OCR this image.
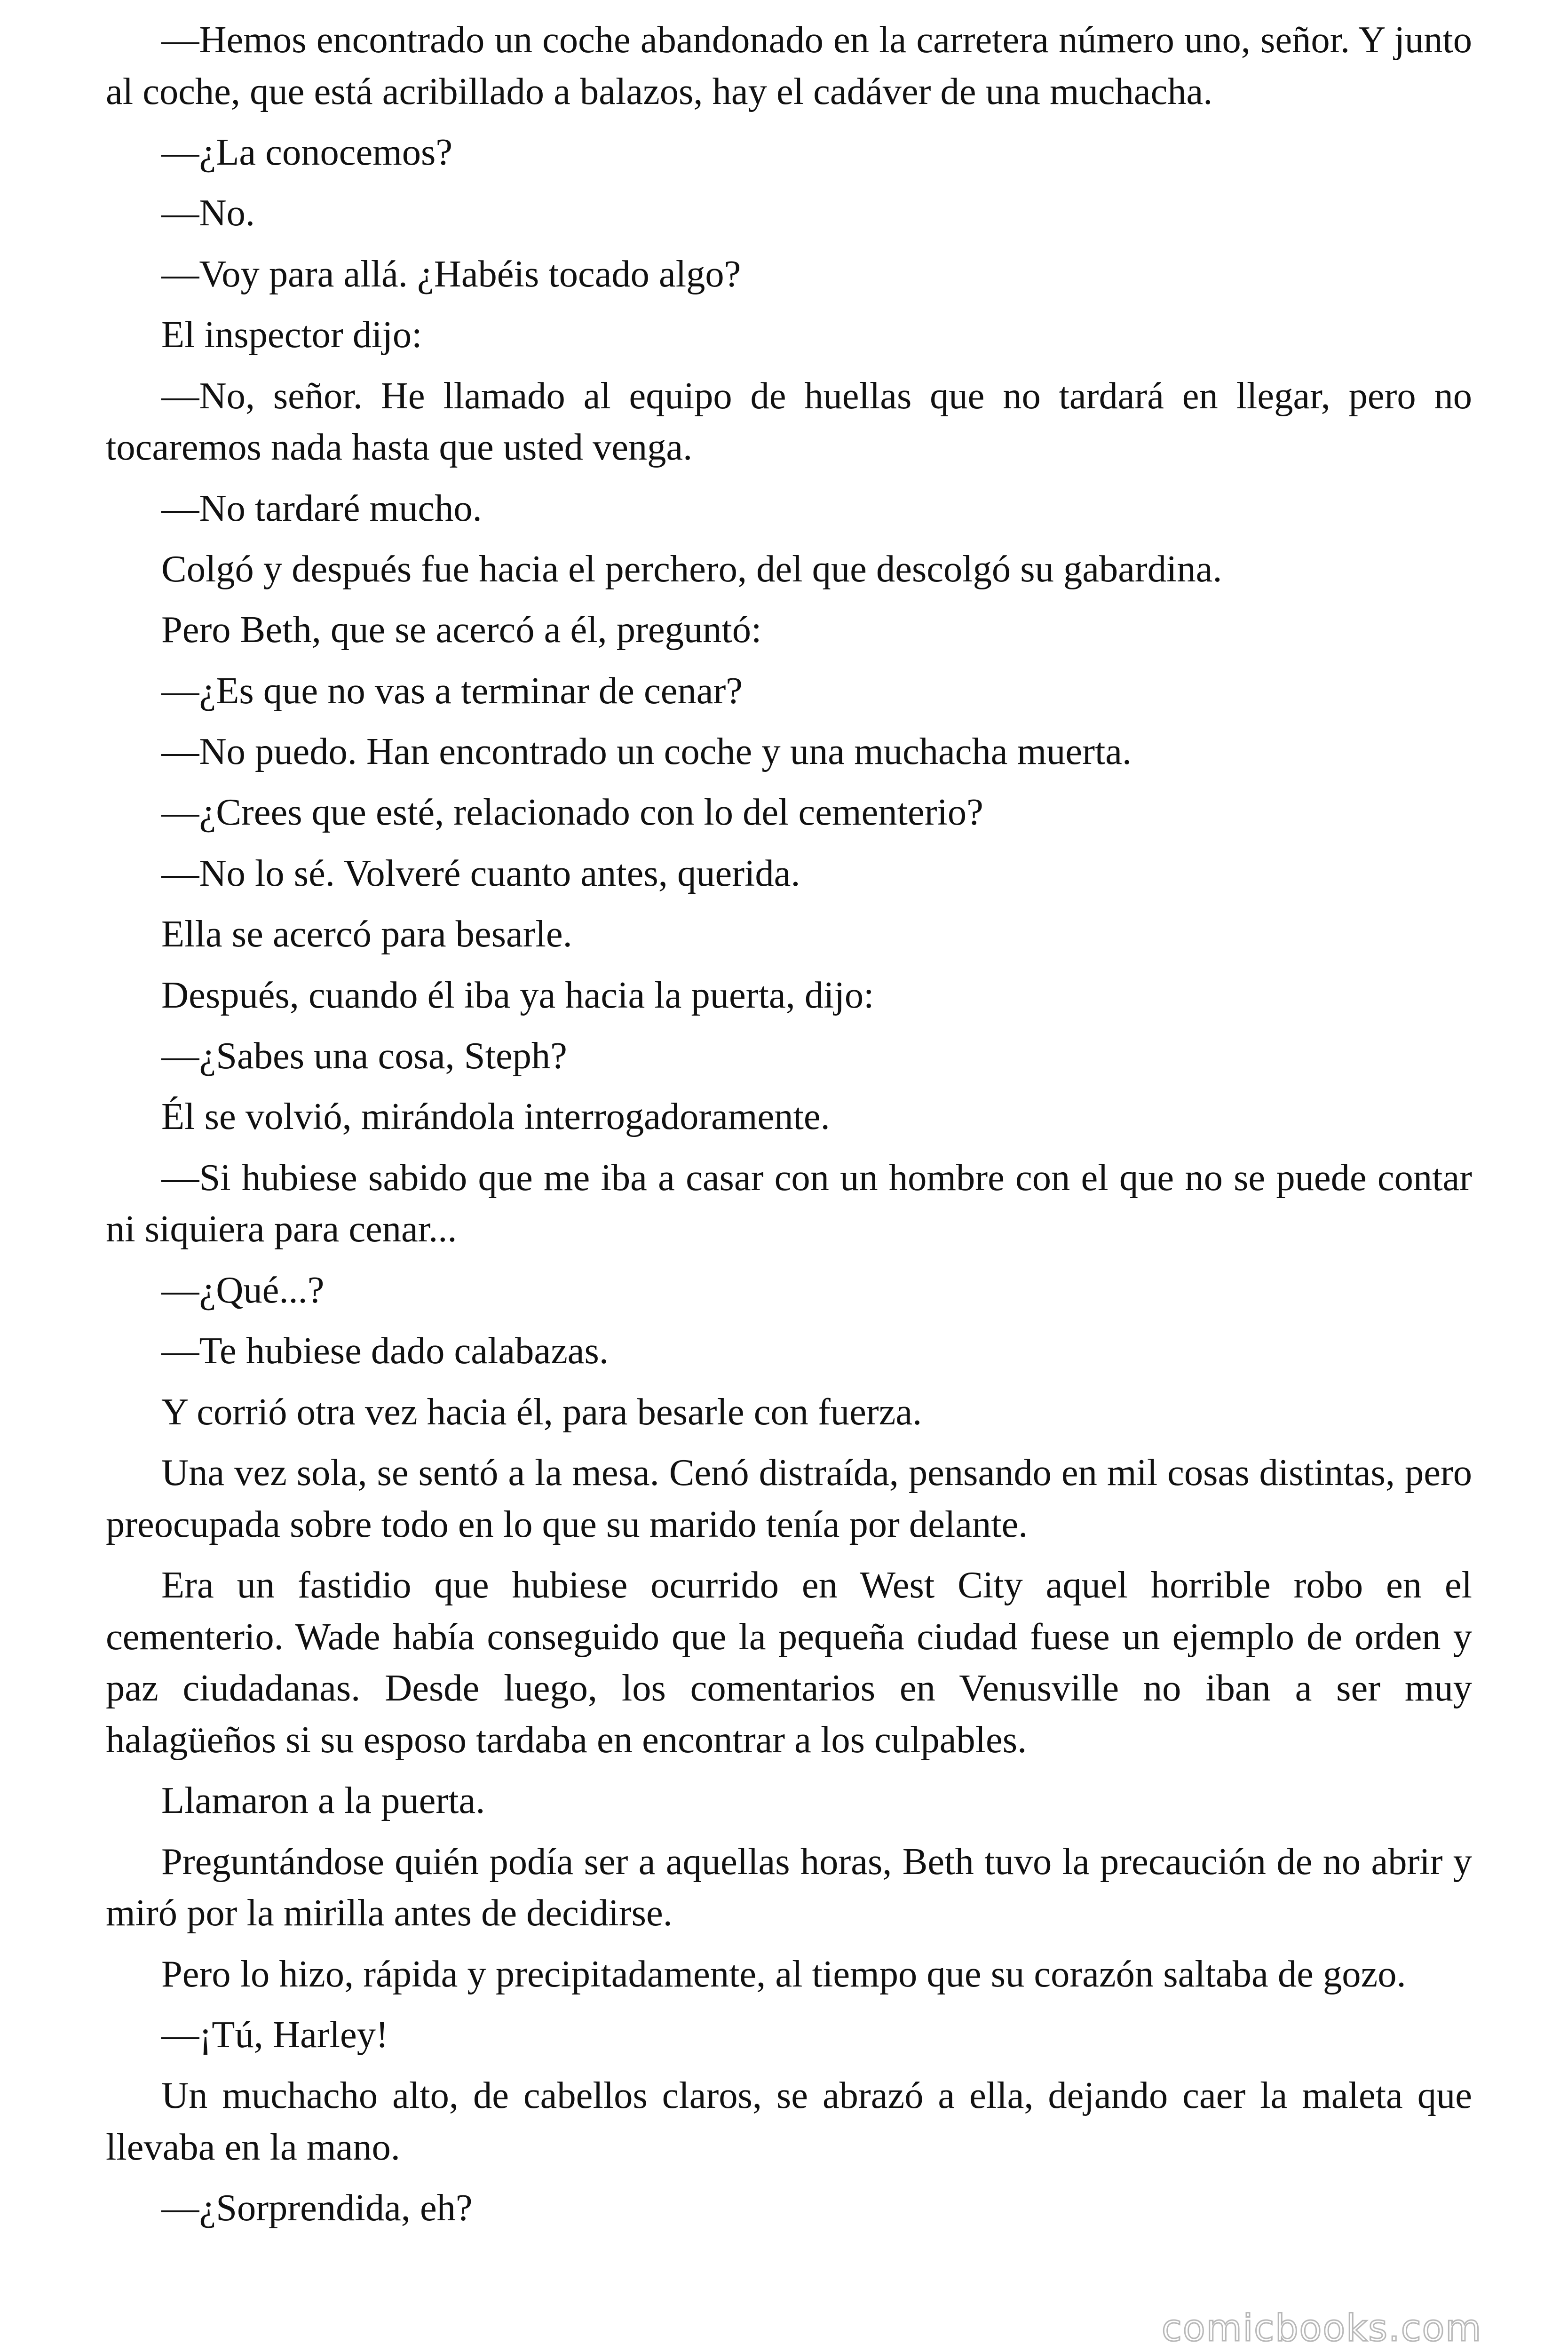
—Hemos encontrado un coche abandonado en la carretera número uno, señor. Y junto al coche, que está acribillado a balazos, hay el cadáver de una muchacha.

—¿La conocemos?

—No.

—Voy para allá. ¿Habéis tocado algo?

El inspector dijo:

—No, señor. He llamado al equipo de huellas que no tardará en llegar, pero no tocaremos nada hasta que usted venga.

—No tardaré mucho.

Colgó y después fue hacia el perchero, del que descolgó su gabardina.

Pero Beth, que se acercó a él, preguntó:

—¿Es que no vas a terminar de cenar?

—No puedo. Han encontrado un coche y una muchacha muerta.

—¿Crees que esté, relacionado con lo del cementerio?

—No lo sé. Volveré cuanto antes, querida.

Ella se acercó para besarle.

Después, cuando él iba ya hacia la puerta, dijo:

—¿Sabes una cosa, Steph?

Él se volvió, mirándola interrogadoramente.

—Si hubiese sabido que me iba a casar con un hombre con el que no se puede contar ni siquiera para cenar...

—¿Qué...?

—Te hubiese dado calabazas.

Y corrió otra vez hacia él, para besarle con fuerza.

Una vez sola, se sentó a la mesa. Cenó distraída, pensando en mil cosas distintas, pero preocupada sobre todo en lo que su marido tenía por delante.

Era un fastidio que hubiese ocurrido en West City aquel horrible robo en el cementerio. Wade había conseguido que la pequeña ciudad fuese un ejemplo de orden y paz ciudadanas. Desde luego, los comentarios en Venusville no iban a ser muy halagüeños si su esposo tardaba en encontrar a los culpables.

Llamaron a la puerta.

Preguntándose quién podía ser a aquellas horas, Beth tuvo la precaución de no abrir y miró por la mirilla antes de decidirse.

Pero lo hizo, rápida y precipitadamente, al tiempo que su corazón saltaba de gozo.

—¡Tú, Harley!

Un muchacho alto, de cabellos claros, se abrazó a ella, dejando caer la maleta que llevaba en la mano.

—¿Sorprendida, eh?

comicbooks.com
